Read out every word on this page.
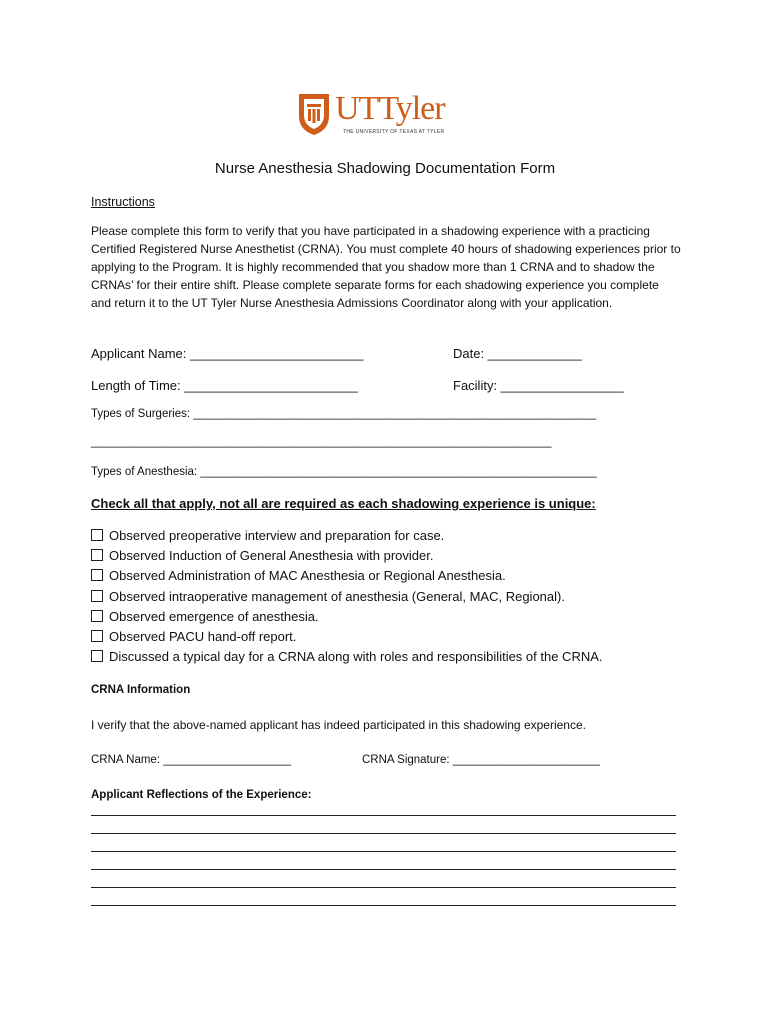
UTTyler
THE UNIVERSITY OF TEXAS AT TYLER
Nurse Anesthesia Shadowing Documentation Form
Instructions
Please complete this form to verify that you have participated in a shadowing experience with a practicing Certified Registered Nurse Anesthetist (CRNA). You must complete 40 hours of shadowing experiences prior to applying to the Program. It is highly recommended that you shadow more than 1 CRNA and to shadow the CRNAs’ for their entire shift. Please complete separate forms for each shadowing experience you complete and return it to the UT Tyler Nurse Anesthesia Admissions Coordinator along with your application.
Applicant Name: ________________________	Date: _____________
Length of Time: ________________________	Facility: _________________
Types of Surgeries: _______________________________________________________________
________________________________________________________________________
Types of Anesthesia: ______________________________________________________________
Check all that apply, not all are required as each shadowing experience is unique:
Observed preoperative interview and preparation for case.
Observed Induction of General Anesthesia with provider.
Observed Administration of MAC Anesthesia or Regional Anesthesia.
Observed intraoperative management of anesthesia (General, MAC, Regional).
Observed emergence of anesthesia.
Observed PACU hand-off report.
Discussed a typical day for a CRNA along with roles and responsibilities of the CRNA.
CRNA Information
I verify that the above-named applicant has indeed participated in this shadowing experience.
CRNA Name: ____________________	CRNA Signature: _______________________
Applicant Reflections of the Experience:
